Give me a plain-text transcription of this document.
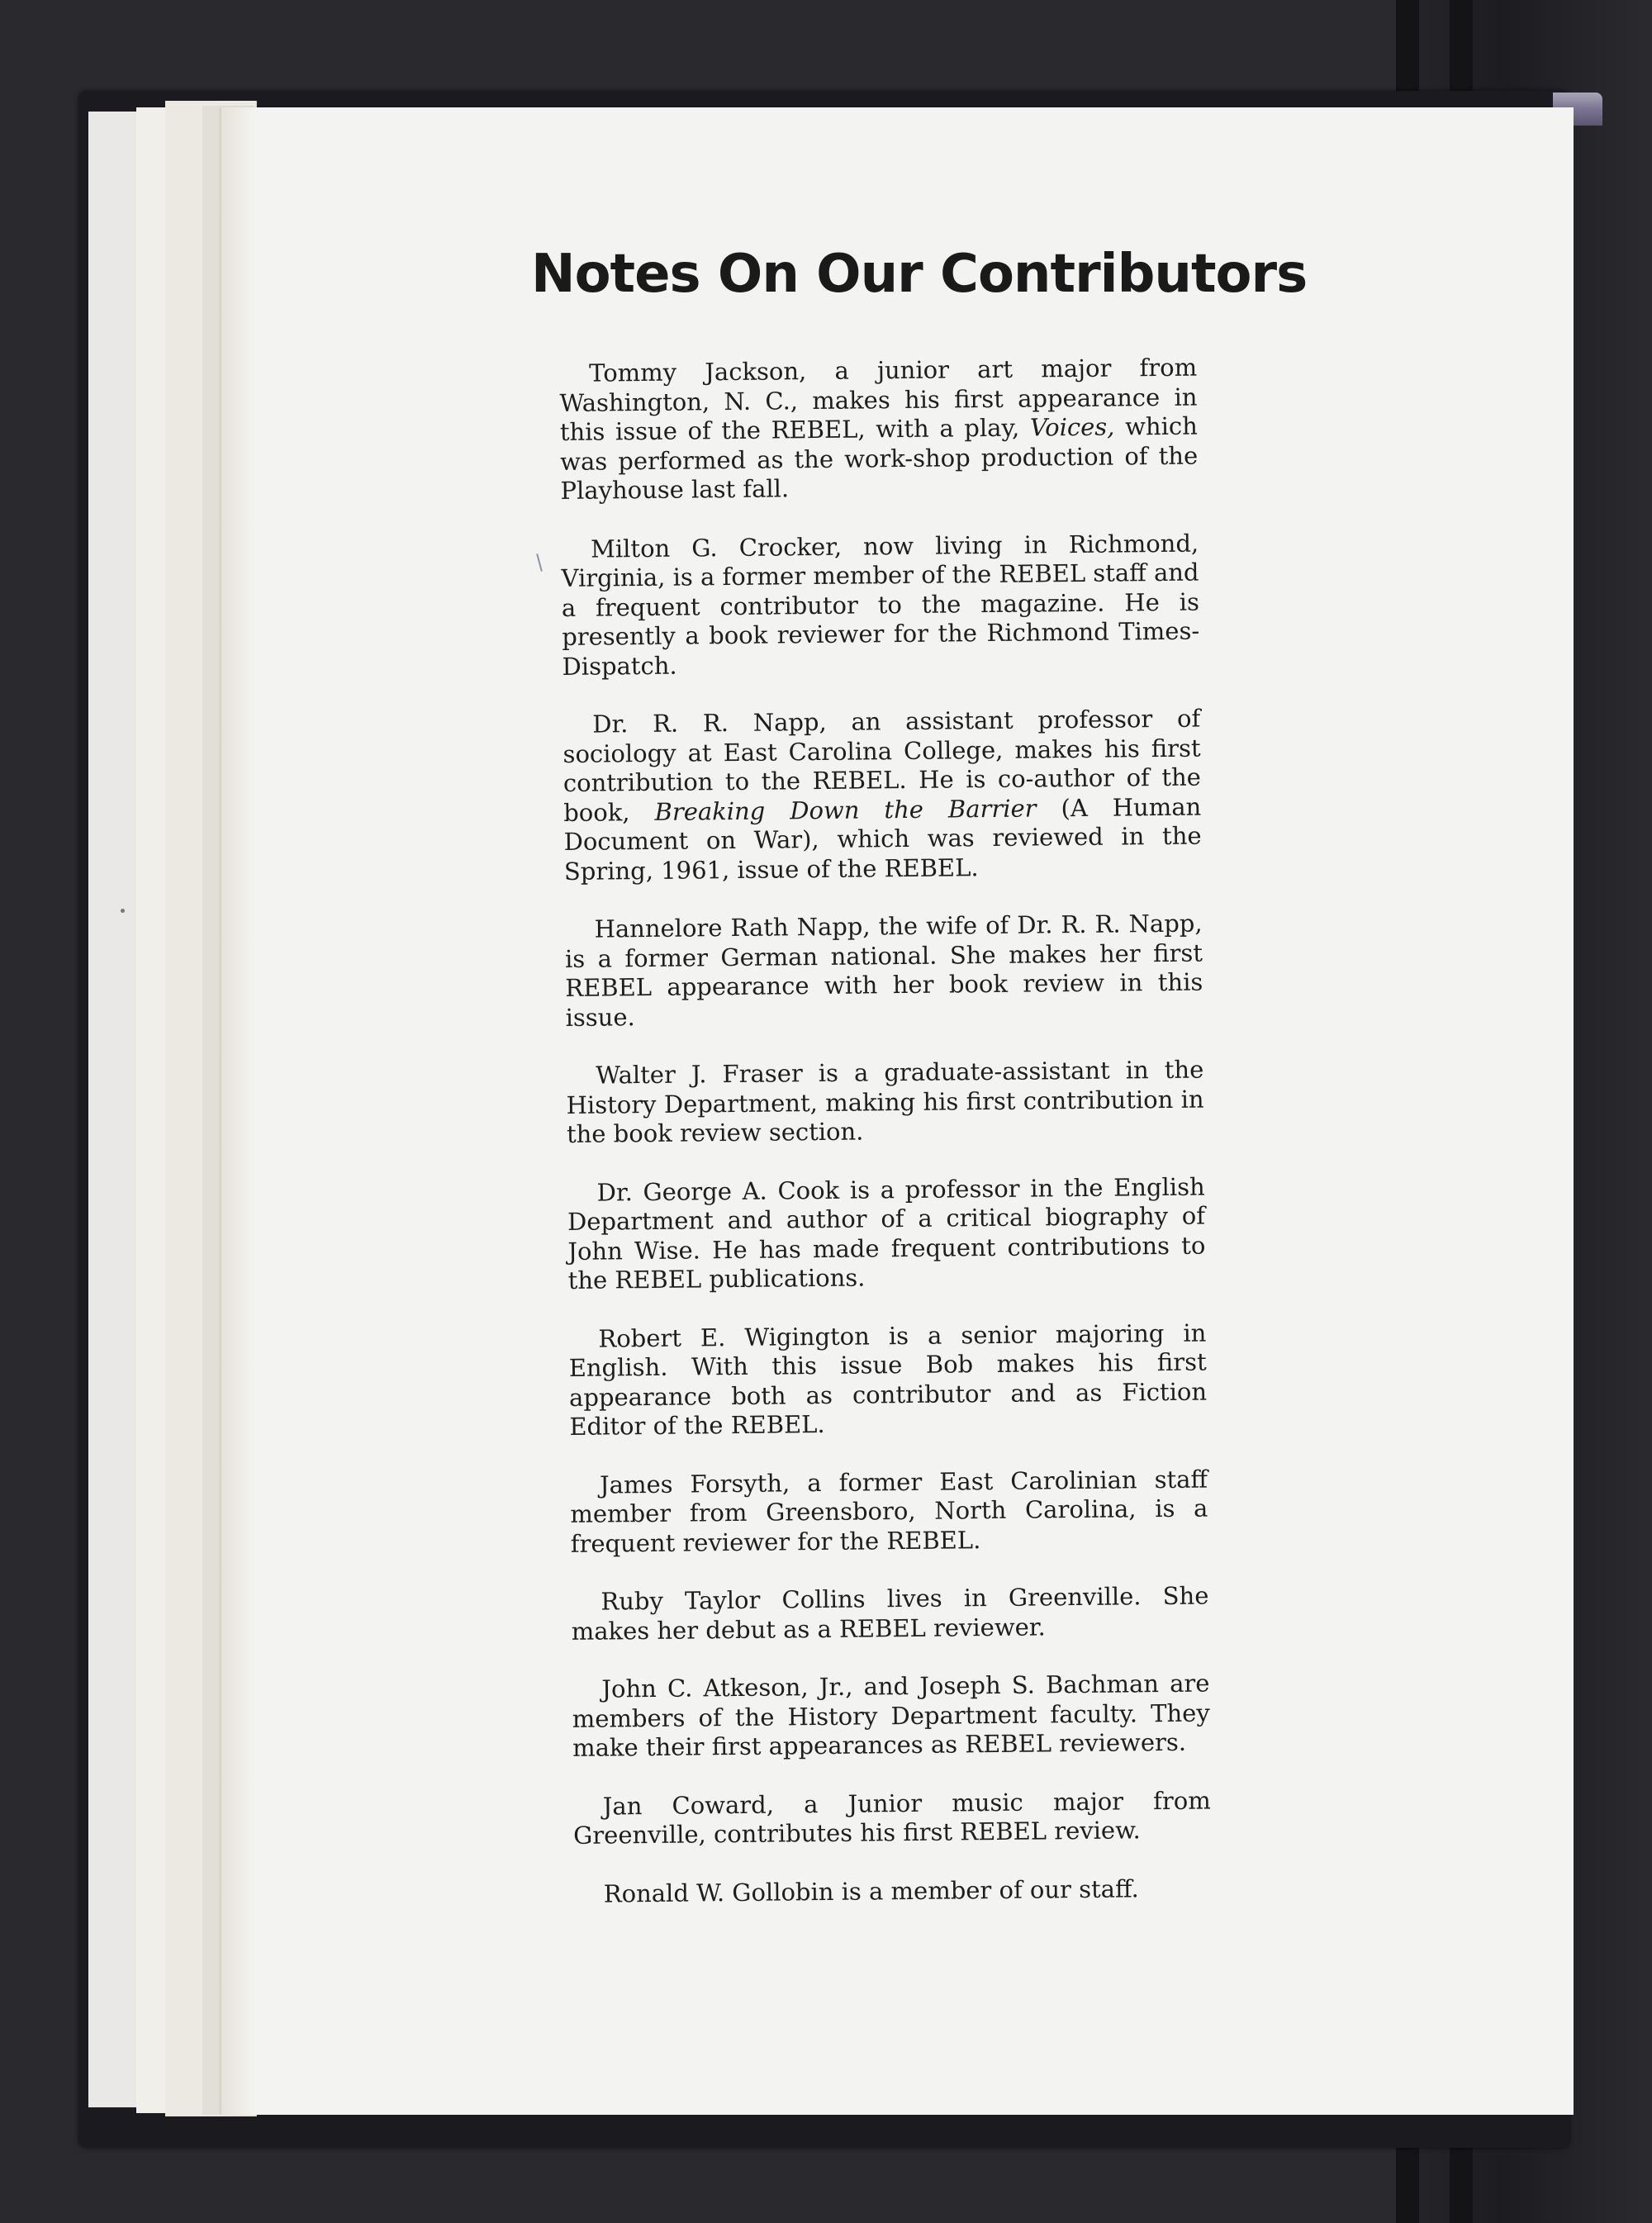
Notes On Our Contributors

Tommy Jackson, a junior art major from Washington, N. C., makes his first appearance in this issue of the REBEL, with a play, Voices, which was performed as the work-shop production of the Playhouse last fall.

Milton G. Crocker, now living in Richmond, Virginia, is a former member of the REBEL staff and a frequent contributor to the magazine. He is presently a book reviewer for the Richmond Times-Dispatch.

Dr. R. R. Napp, an assistant professor of sociology at East Carolina College, makes his first contribution to the REBEL. He is co-author of the book, Breaking Down the Barrier (A Human Document on War), which was reviewed in the Spring, 1961, issue of the REBEL.

Hannelore Rath Napp, the wife of Dr. R. R. Napp, is a former German national. She makes her first REBEL appearance with her book review in this issue.

Walter J. Fraser is a graduate-assistant in the History Department, making his first contribution in the book review section.

Dr. George A. Cook is a professor in the English Department and author of a critical biography of John Wise. He has made frequent contributions to the REBEL publications.

Robert E. Wigington is a senior majoring in English. With this issue Bob makes his first appearance both as contributor and as Fiction Editor of the REBEL.

James Forsyth, a former East Carolinian staff member from Greensboro, North Carolina, is a frequent reviewer for the REBEL.

Ruby Taylor Collins lives in Greenville. She makes her debut as a REBEL reviewer.

John C. Atkeson, Jr., and Joseph S. Bachman are members of the History Department faculty. They make their first appearances as REBEL reviewers.

Jan Coward, a Junior music major from Greenville, contributes his first REBEL review.

Ronald W. Gollobin is a member of our staff.
